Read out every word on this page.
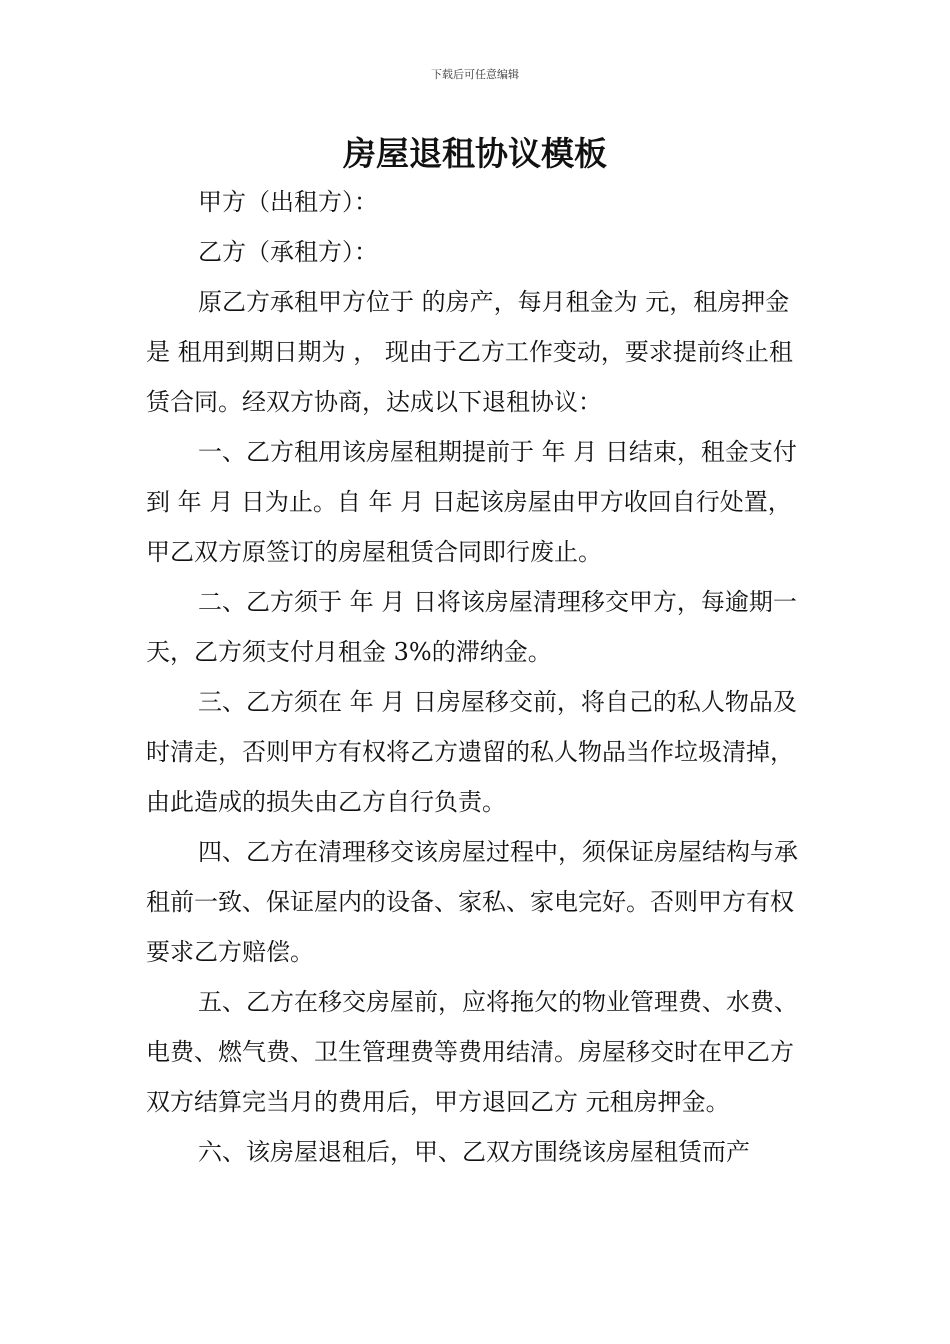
下载后可任意编辑
房屋退租协议模板

甲方（出租方）：

乙方（承租方）：

原乙方承租甲方位于 的房产，每月租金为 元，租房押金是 租用到期日期为 ， 现由于乙方工作变动，要求提前终止租赁合同。经双方协商，达成以下退租协议：

一、乙方租用该房屋租期提前于 年 月 日结束，租金支付到 年 月 日为止。自 年 月 日起该房屋由甲方收回自行处置，甲乙双方原签订的房屋租赁合同即行废止。

二、乙方须于 年 月 日将该房屋清理移交甲方，每逾期一天，乙方须支付月租金 3%的滞纳金。

三、乙方须在 年 月 日房屋移交前，将自己的私人物品及时清走，否则甲方有权将乙方遗留的私人物品当作垃圾清掉，由此造成的损失由乙方自行负责。

四、乙方在清理移交该房屋过程中，须保证房屋结构与承租前一致、保证屋内的设备、家私、家电完好。否则甲方有权要求乙方赔偿。

五、乙方在移交房屋前，应将拖欠的物业管理费、水费、电费、燃气费、卫生管理费等费用结清。房屋移交时在甲乙方双方结算完当月的费用后，甲方退回乙方 元租房押金。

六、该房屋退租后，甲、乙双方围绕该房屋租赁而产
